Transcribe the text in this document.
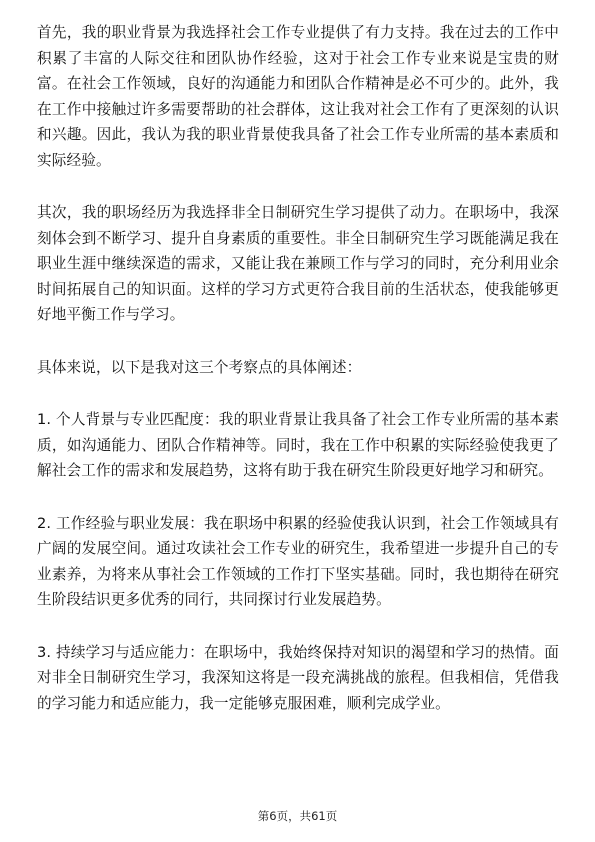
首先，我的职业背景为我选择社会工作专业提供了有力支持。我在过去的工作中积累了丰富的人际交往和团队协作经验，这对于社会工作专业来说是宝贵的财富。在社会工作领域，良好的沟通能力和团队合作精神是必不可少的。此外，我在工作中接触过许多需要帮助的社会群体，这让我对社会工作有了更深刻的认识和兴趣。因此，我认为我的职业背景使我具备了社会工作专业所需的基本素质和实际经验。

其次，我的职场经历为我选择非全日制研究生学习提供了动力。在职场中，我深刻体会到不断学习、提升自身素质的重要性。非全日制研究生学习既能满足我在职业生涯中继续深造的需求，又能让我在兼顾工作与学习的同时，充分利用业余时间拓展自己的知识面。这样的学习方式更符合我目前的生活状态，使我能够更好地平衡工作与学习。

具体来说，以下是我对这三个考察点的具体阐述：

1. 个人背景与专业匹配度：我的职业背景让我具备了社会工作专业所需的基本素质，如沟通能力、团队合作精神等。同时，我在工作中积累的实际经验使我更了解社会工作的需求和发展趋势，这将有助于我在研究生阶段更好地学习和研究。

2. 工作经验与职业发展：我在职场中积累的经验使我认识到，社会工作领域具有广阔的发展空间。通过攻读社会工作专业的研究生，我希望进一步提升自己的专业素养，为将来从事社会工作领域的工作打下坚实基础。同时，我也期待在研究生阶段结识更多优秀的同行，共同探讨行业发展趋势。

3. 持续学习与适应能力：在职场中，我始终保持对知识的渴望和学习的热情。面对非全日制研究生学习，我深知这将是一段充满挑战的旅程。但我相信，凭借我的学习能力和适应能力，我一定能够克服困难，顺利完成学业。

第6页，共61页
